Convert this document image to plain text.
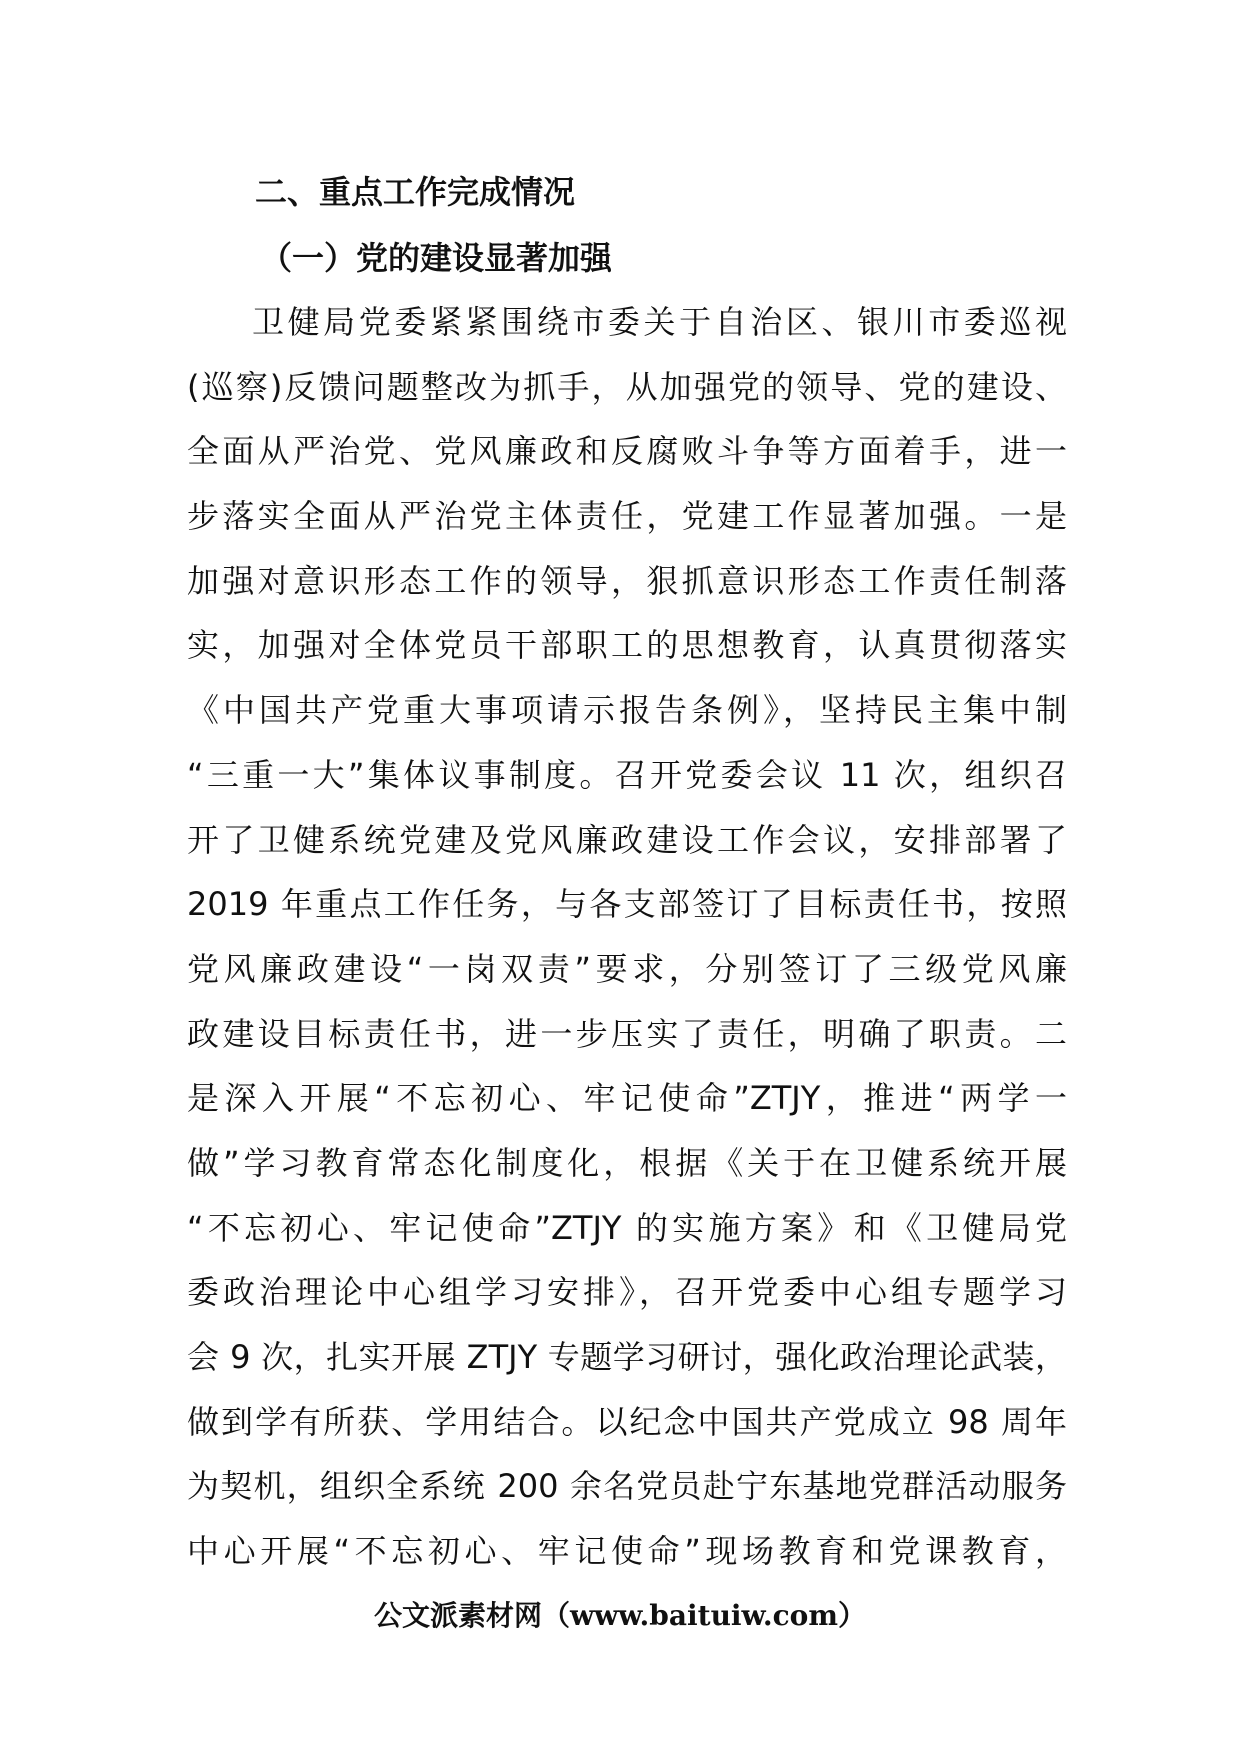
二、重点工作完成情况
（一）党的建设显著加强
卫健局党委紧紧围绕市委关于自治区、银川市委巡视
(巡察)反馈问题整改为抓手，从加强党的领导、党的建设、
全面从严治党、党风廉政和反腐败斗争等方面着手，进一
步落实全面从严治党主体责任，党建工作显著加强。一是
加强对意识形态工作的领导，狠抓意识形态工作责任制落
实，加强对全体党员干部职工的思想教育，认真贯彻落实
《中国共产党重大事项请示报告条例》，坚持民主集中制
“三重一大”集体议事制度。召开党委会议 11 次，组织召
开了卫健系统党建及党风廉政建设工作会议，安排部署了
2019 年重点工作任务，与各支部签订了目标责任书，按照
党风廉政建设“一岗双责”要求，分别签订了三级党风廉
政建设目标责任书，进一步压实了责任，明确了职责。二
是深入开展“不忘初心、牢记使命”ZTJY，推进“两学一
做”学习教育常态化制度化，根据《关于在卫健系统开展
“不忘初心、牢记使命”ZTJY 的实施方案》和《卫健局党
委政治理论中心组学习安排》，召开党委中心组专题学习
会 9 次，扎实开展 ZTJY 专题学习研讨，强化政治理论武装，
做到学有所获、学用结合。以纪念中国共产党成立 98 周年
为契机，组织全系统 200 余名党员赴宁东基地党群活动服务
中心开展“不忘初心、牢记使命”现场教育和党课教育，
公文派素材网（www.baituiw.com）
